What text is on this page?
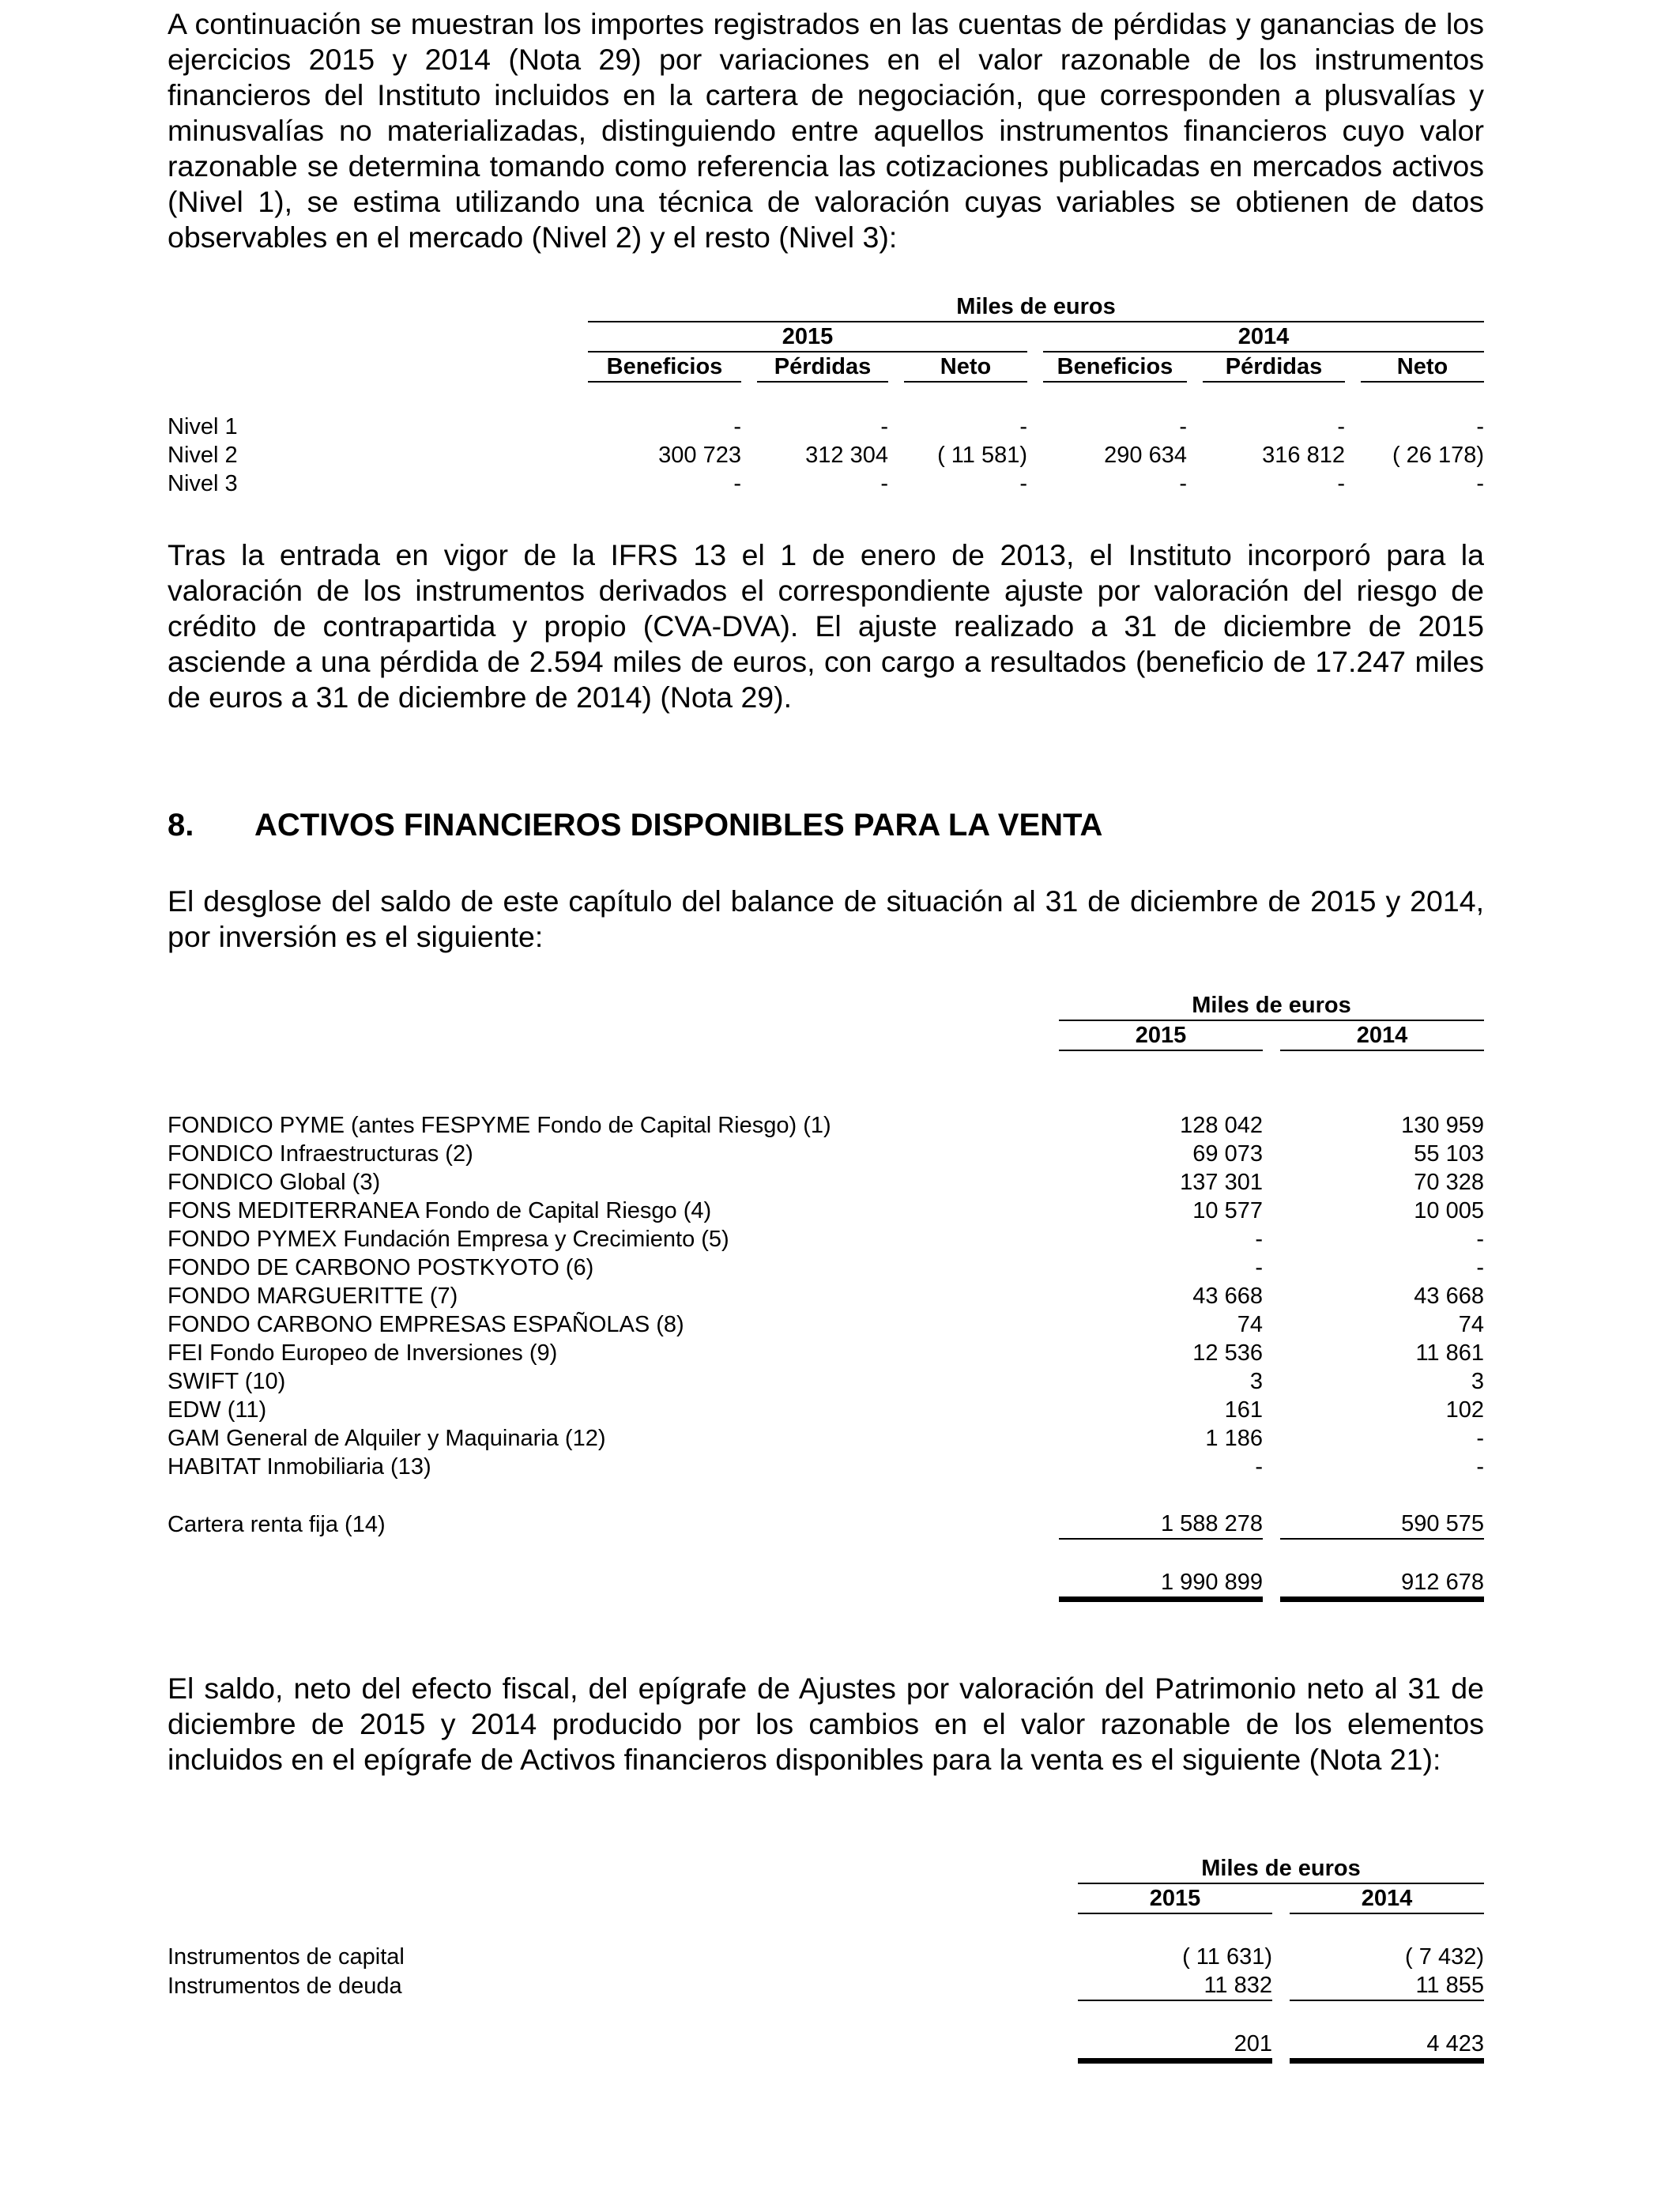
A continuación se muestran los importes registrados en las cuentas de pérdidas y ganancias de los ejercicios 2015 y 2014 (Nota 29) por variaciones en el valor razonable de los instrumentos financieros del Instituto incluidos en la cartera de negociación, que corresponden a plusvalías y minusvalías no materializadas, distinguiendo entre aquellos instrumentos financieros cuyo valor razonable se determina tomando como referencia las cotizaciones publicadas en mercados activos (Nivel 1), se estima utilizando una técnica de valoración cuyas variables se obtienen de datos observables en el mercado (Nivel 2) y el resto (Nivel 3):

	Miles de euros										
	2015						2014				
	Beneficios		Pérdidas		Neto		Beneficios		Pérdidas		Neto

Nivel 1	-		-		-		-		-		-
Nivel 2	300 723		312 304		( 11 581)		290 634		316 812		( 26 178)
Nivel 3	-		-		-		-		-		-

Tras la entrada en vigor de la IFRS 13 el 1 de enero de 2013, el Instituto incorporó para la valoración de los instrumentos derivados el correspondiente ajuste por valoración del riesgo de crédito de contrapartida y propio (CVA-DVA). El ajuste realizado a 31 de diciembre de 2015 asciende a una pérdida de 2.594 miles de euros, con cargo a resultados (beneficio de 17.247 miles de euros a 31 de diciembre de 2014) (Nota 29).

8. ACTIVOS FINANCIEROS DISPONIBLES PARA LA VENTA

El desglose del saldo de este capítulo del balance de situación al 31 de diciembre de 2015 y 2014, por inversión es el siguiente:

	Miles de euros		
	2015		2014

FONDICO PYME (antes FESPYME Fondo de Capital Riesgo) (1)	128 042		130 959
FONDICO Infraestructuras (2)	69 073		55 103
FONDICO Global (3)	137 301		70 328
FONS MEDITERRANEA Fondo de Capital Riesgo (4)	10 577		10 005
FONDO PYMEX Fundación Empresa y Crecimiento (5)	-		-
FONDO DE CARBONO POSTKYOTO (6)	-		-
FONDO MARGUERITTE (7)	43 668		43 668
FONDO CARBONO EMPRESAS ESPAÑOLAS (8)	74		74
FEI Fondo Europeo de Inversiones (9)	12 536		11 861
SWIFT (10)	3		3
EDW (11)	161		102
GAM General de Alquiler y Maquinaria (12)	1 186		-
HABITAT Inmobiliaria (13)	-		-

Cartera renta fija (14)	1 588 278		590 575

	1 990 899		912 678

El saldo, neto del efecto fiscal, del epígrafe de Ajustes por valoración del Patrimonio neto al 31 de diciembre de 2015 y 2014 producido por los cambios en el valor razonable de los elementos incluidos en el epígrafe de Activos financieros disponibles para la venta es el siguiente (Nota 21):

	Miles de euros		
	2015		2014

Instrumentos de capital	( 11 631)		( 7 432)
Instrumentos de deuda	11 832		11 855

	201		4 423
